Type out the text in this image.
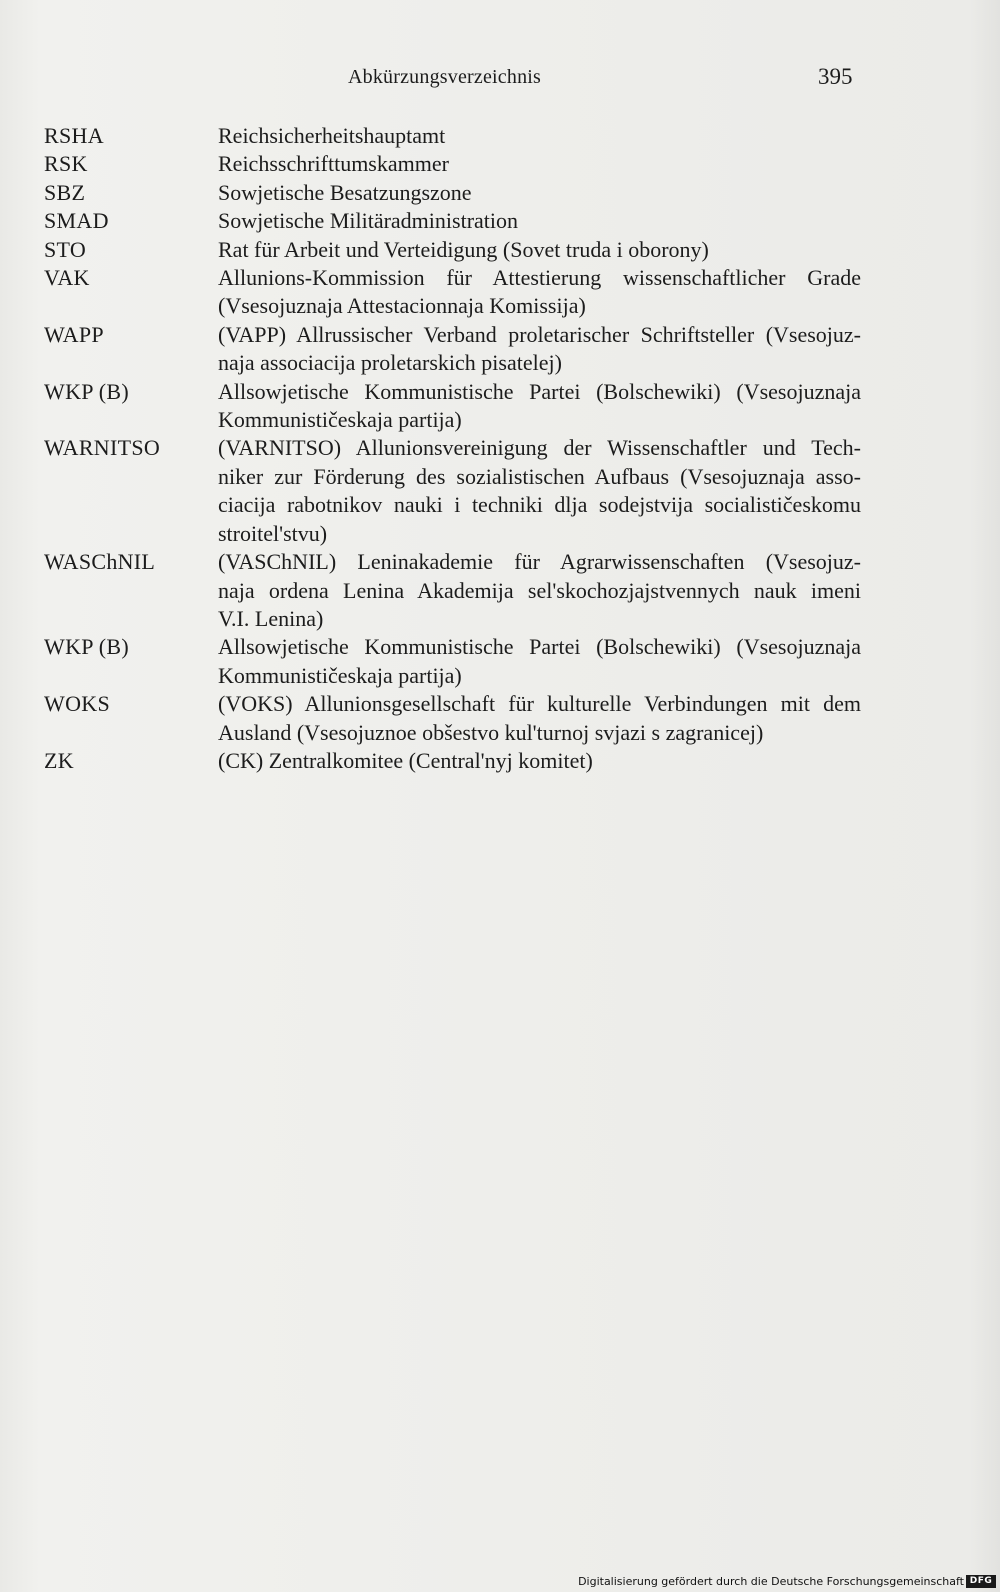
Abkürzungsverzeichnis	395
RSHA	Reichsicherheitshauptamt
RSK	Reichsschrifttumskammer
SBZ	Sowjetische Besatzungszone
SMAD	Sowjetische Militäradministration
STO	Rat für Arbeit und Verteidigung (Sovet truda i oborony)
VAK	Allunions-Kommission für Attestierung wissenschaftlicher Grade
(Vsesojuznaja Attestacionnaja Komissija)
WAPP	(VAPP) Allrussischer Verband proletarischer Schriftsteller (Vsesojuz-
naja associacija proletarskich pisatelej)
WKP (B)	Allsowjetische Kommunistische Partei (Bolschewiki) (Vsesojuznaja
Kommunističeskaja partija)
WARNITSO	(VARNITSO) Allunionsvereinigung der Wissenschaftler und Tech-
niker zur Förderung des sozialistischen Aufbaus (Vsesojuznaja asso-
ciacija rabotnikov nauki i techniki dlja sodejstvija socialističeskomu
stroitel'stvu)
WASChNIL	(VASChNIL) Leninakademie für Agrarwissenschaften (Vsesojuz-
naja ordena Lenina Akademija sel'skochozjajstvennych nauk imeni
V.I. Lenina)
WKP (B)	Allsowjetische Kommunistische Partei (Bolschewiki) (Vsesojuznaja
Kommunističeskaja partija)
WOKS	(VOKS) Allunionsgesellschaft für kulturelle Verbindungen mit dem
Ausland (Vsesojuznoe obšestvo kul'turnoj svjazi s zagranicej)
ZK	(CK) Zentralkomitee (Central'nyj komitet)
Digitalisierung gefördert durch die Deutsche Forschungsgemeinschaft DFG
